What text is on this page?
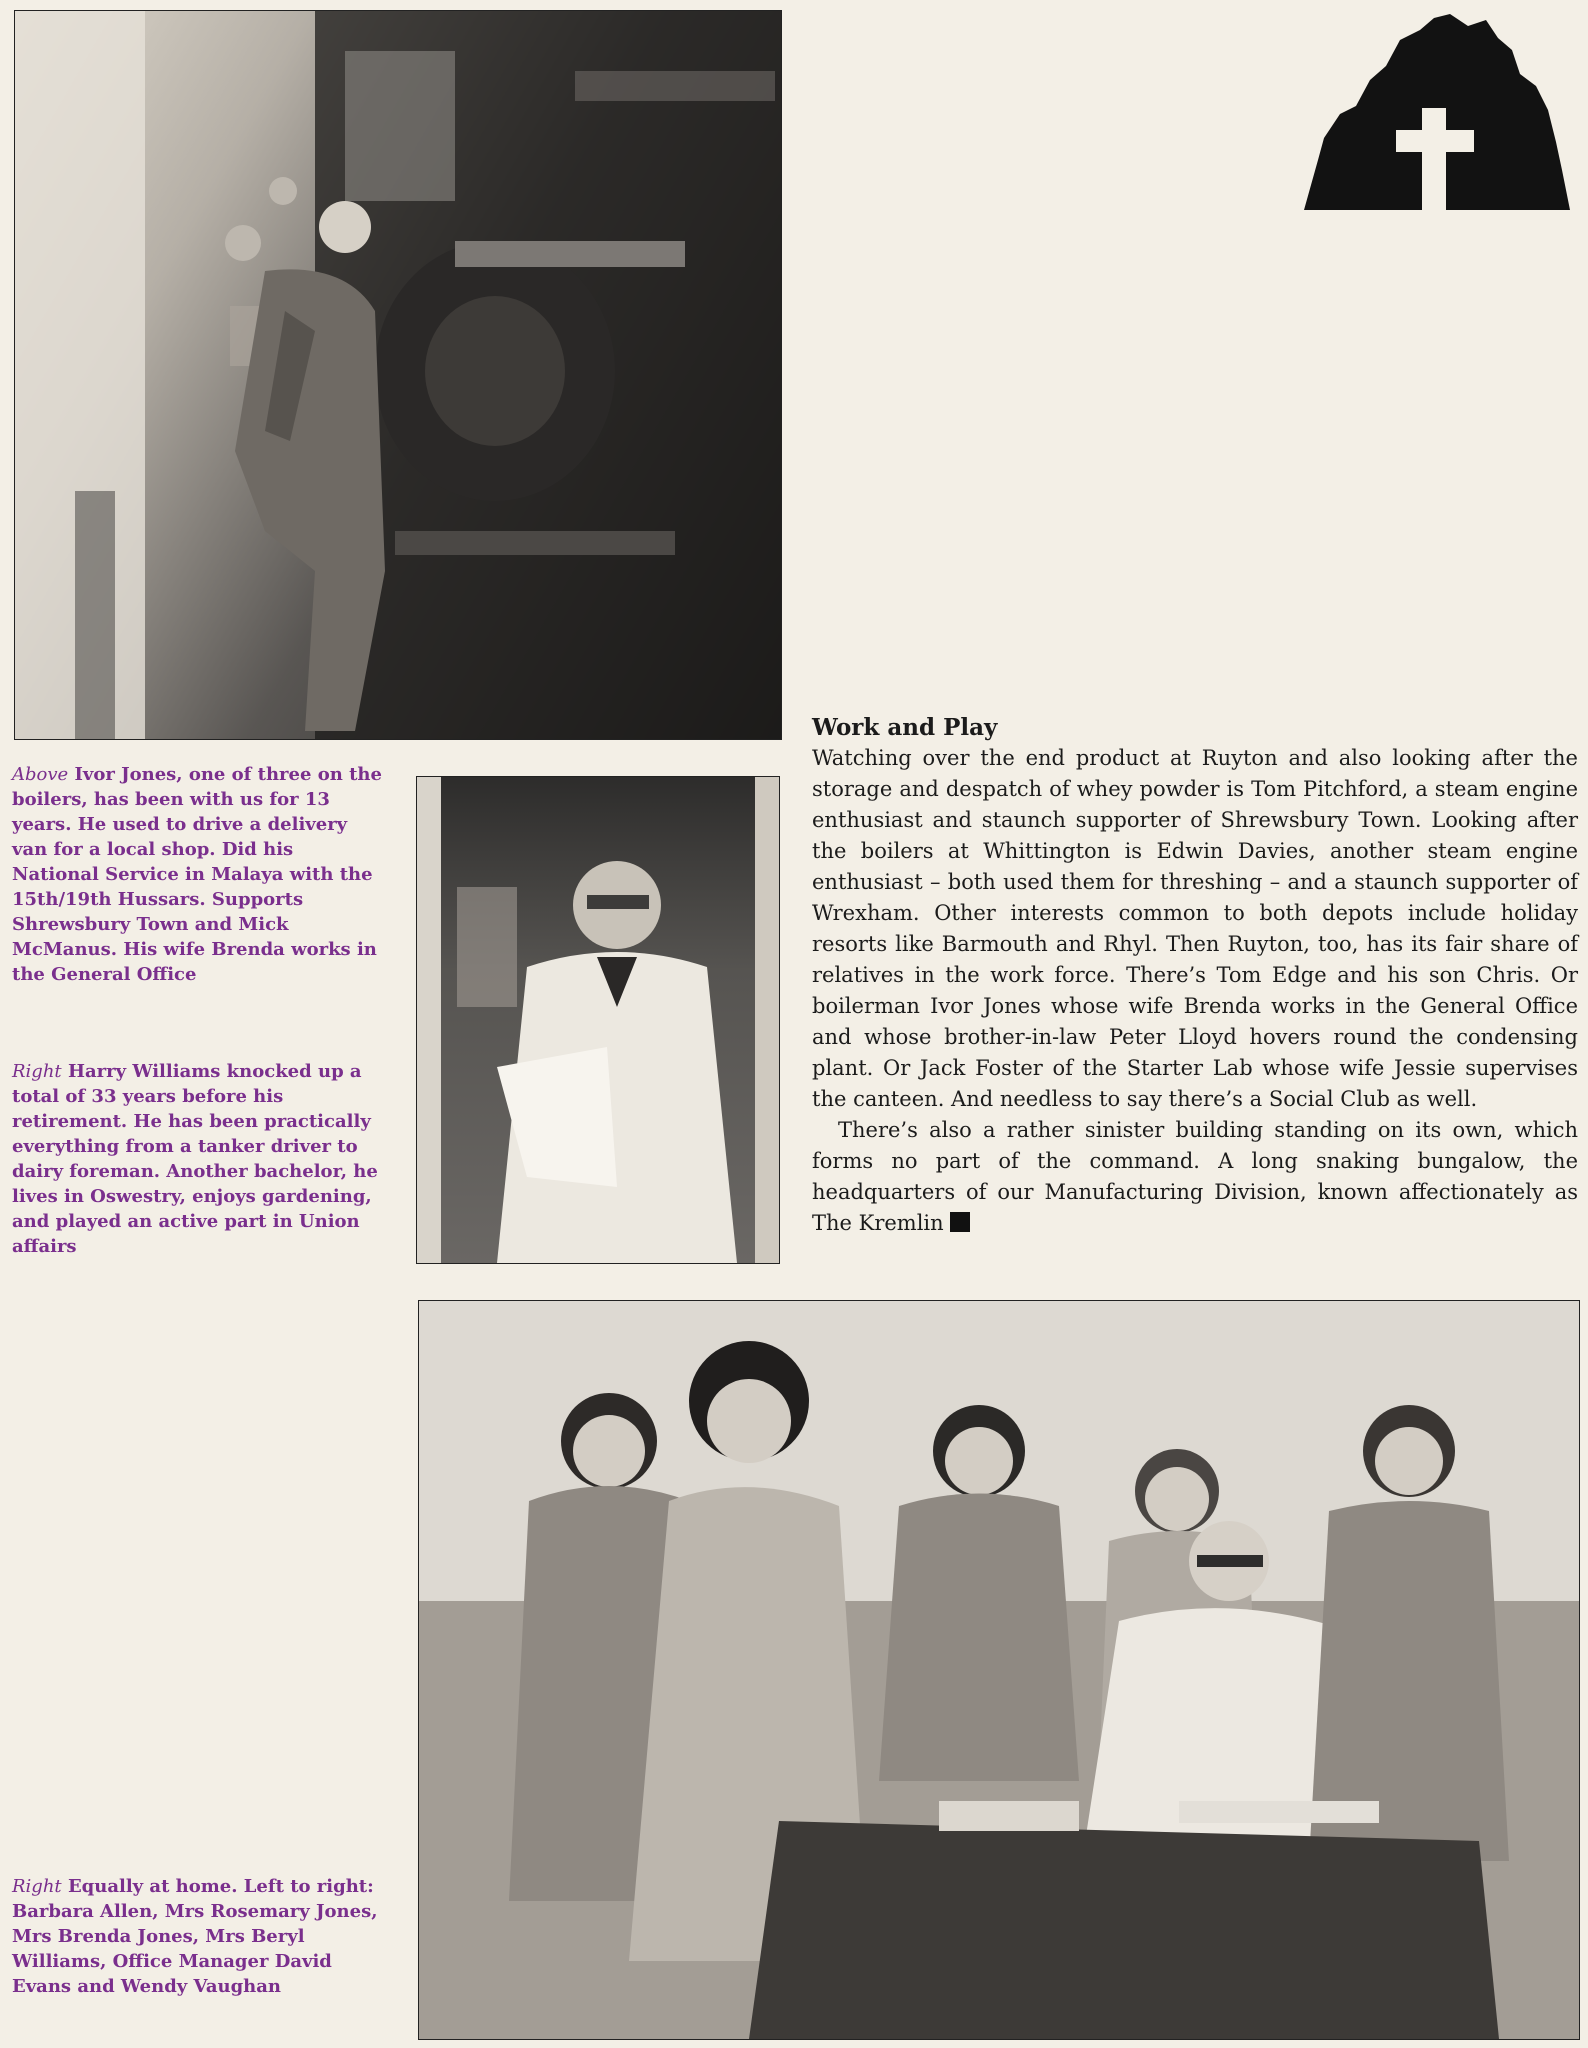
Above Ivor Jones, one of three on the boilers, has been with us for 13 years. He used to drive a delivery van for a local shop. Did his National Service in Malaya with the 15th/19th Hussars. Supports Shrewsbury Town and Mick McManus. His wife Brenda works in the General Office
Right Harry Williams knocked up a total of 33 years before his retirement. He has been practically everything from a tanker driver to dairy foreman. Another bachelor, he lives in Oswestry, enjoys gardening, and played an active part in Union affairs
Right Equally at home. Left to right: Barbara Allen, Mrs Rosemary Jones, Mrs Brenda Jones, Mrs Beryl Williams, Office Manager David Evans and Wendy Vaughan
Work and Play

Watching over the end product at Ruyton and also looking after the storage and despatch of whey powder is Tom Pitchford, a steam engine enthusiast and staunch supporter of Shrewsbury Town. Looking after the boilers at Whittington is Edwin Davies, another steam engine enthusiast – both used them for threshing – and a staunch supporter of Wrexham. Other interests common to both depots include holiday resorts like Barmouth and Rhyl. Then Ruyton, too, has its fair share of relatives in the work force. There’s Tom Edge and his son Chris. Or boilerman Ivor Jones whose wife Brenda works in the General Office and whose brother-in-law Peter Lloyd hovers round the condensing plant. Or Jack Foster of the Starter Lab whose wife Jessie supervises the canteen. And needless to say there’s a Social Club as well.

There’s also a rather sinister building standing on its own, which forms no part of the command. A long snaking bungalow, the headquarters of our Manufacturing Division, known affectionately as The Kremlin
